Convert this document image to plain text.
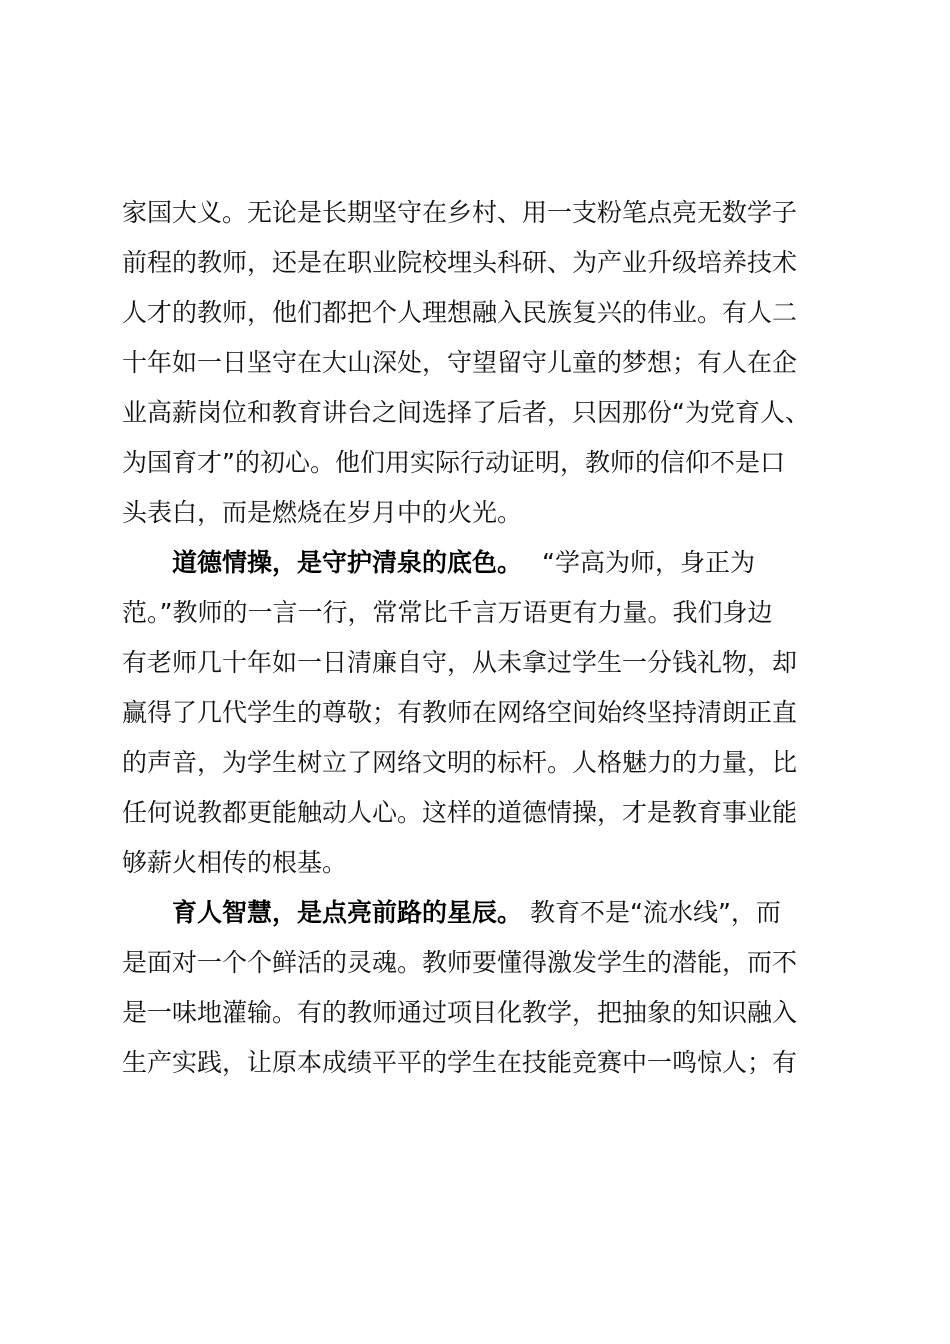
家国大义。无论是长期坚守在乡村、用一支粉笔点亮无数学子
前程的教师，还是在职业院校埋头科研、为产业升级培养技术
人才的教师，他们都把个人理想融入民族复兴的伟业。有人二
十年如一日坚守在大山深处，守望留守儿童的梦想；有人在企
业高薪岗位和教育讲台之间选择了后者，只因那份“为党育人、
为国育才”的初心。他们用实际行动证明，教师的信仰不是口
头表白，而是燃烧在岁月中的火光。
道德情操，是守护清泉的底色。 “学高为师，身正为
范。”教师的一言一行，常常比千言万语更有力量。我们身边
有老师几十年如一日清廉自守，从未拿过学生一分钱礼物，却
赢得了几代学生的尊敬；有教师在网络空间始终坚持清朗正直
的声音，为学生树立了网络文明的标杆。人格魅力的力量，比
任何说教都更能触动人心。这样的道德情操，才是教育事业能
够薪火相传的根基。
育人智慧，是点亮前路的星辰。 教育不是“流水线”，而
是面对一个个鲜活的灵魂。教师要懂得激发学生的潜能，而不
是一味地灌输。有的教师通过项目化教学，把抽象的知识融入
生产实践，让原本成绩平平的学生在技能竞赛中一鸣惊人；有
